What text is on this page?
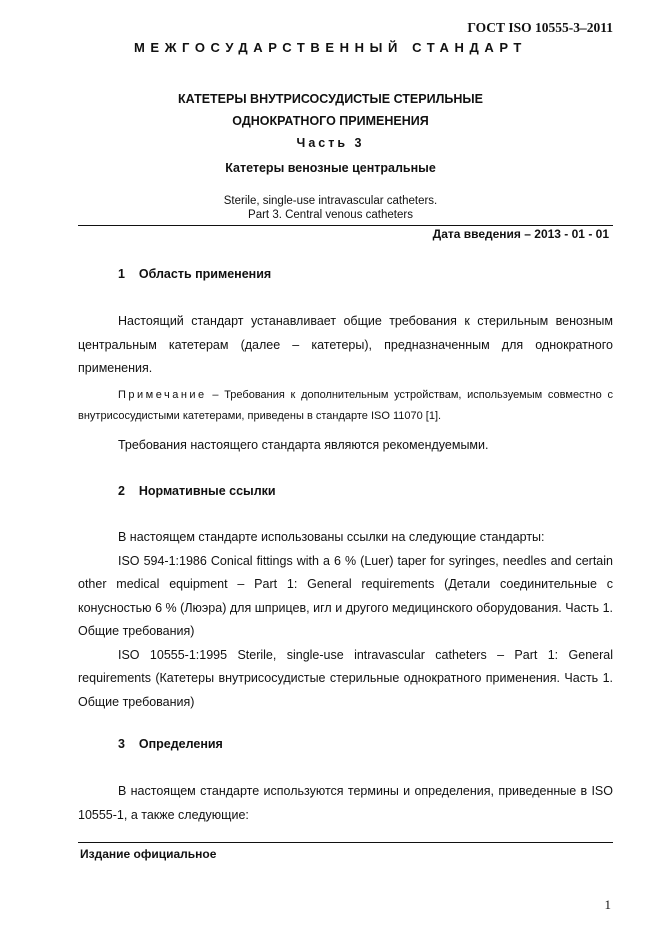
ГОСТ ISO 10555-3–2011
МЕЖГОСУДАРСТВЕННЫЙ СТАНДАРТ
КАТЕТЕРЫ ВНУТРИСОСУДИСТЫЕ СТЕРИЛЬНЫЕ
ОДНОКРАТНОГО ПРИМЕНЕНИЯ
Часть 3
Катетеры венозные центральные
Sterile, single-use intravascular catheters.
Part 3. Central venous catheters
Дата введения – 2013 - 01 - 01
1    Область применения

Настоящий стандарт устанавливает общие требования к стерильным венозным центральным катетерам (далее – катетеры), предназначенным для однократного применения.

Примечание – Требования к дополнительным устройствам, используемым совместно с внутрисосудистыми катетерами, приведены в стандарте ISO 11070 [1].

Требования настоящего стандарта являются рекомендуемыми.

2    Нормативные ссылки

В настоящем стандарте использованы ссылки на следующие стандарты:

ISO 594-1:1986 Conical fittings with a 6 % (Luer) taper for syringes, needles and certain other medical equipment – Part 1: General requirements (Детали соединительные с конусностью 6 % (Люэра) для шприцев, игл и другого медицинского оборудования. Часть 1. Общие требования)

ISO 10555-1:1995 Sterile, single-use intravascular catheters – Part 1: General requirements (Катетеры внутрисосудистые стерильные однократного применения. Часть 1. Общие требования)

3    Определения

В настоящем стандарте используются термины и определения, приведенные в ISO 10555-1, а также следующие:

Издание официальное
1
